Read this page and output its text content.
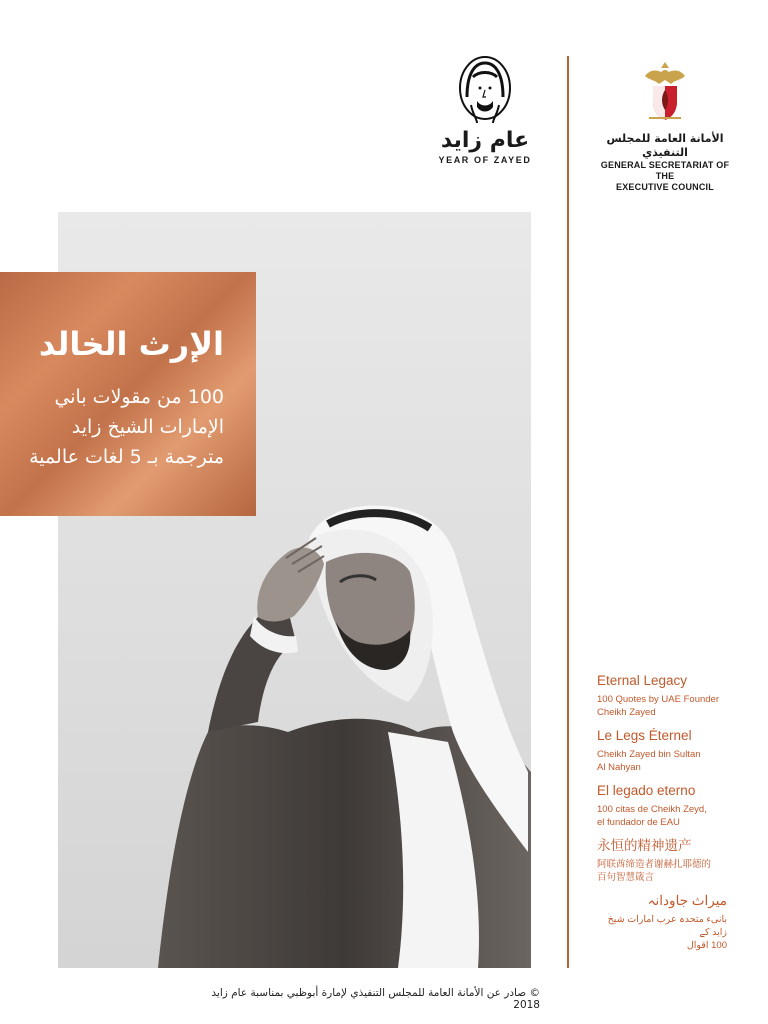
عام زايد
YEAR OF ZAYED
الأمانة العامة للمجلس التنفيذي
GENERAL SECRETARIAT OF THE
EXECUTIVE COUNCIL
الإرث الخالد
100 من مقولات باني
الإمارات الشيخ زايد
مترجمة بـ 5 لغات عالمية
Eternal Legacy
100 Quotes by UAE Founder
Cheikh Zayed
Le Legs Éternel
Cheikh Zayed bin Sultan
Al Nahyan
El legado eterno
100 citas de Cheikh Zeyd,
el fundador de EAU
永恒的精神遗产
阿联酋缔造者谢赫扎耶德的
百句智慧箴言
میراث جاودانہ
بانیء متحدہ عرب امارات شیخ زاید کے
100 اقوال
© صادر عن الأمانة العامة للمجلس التنفيذي لإمارة أبوظبي بمناسبة عام زايد 2018
